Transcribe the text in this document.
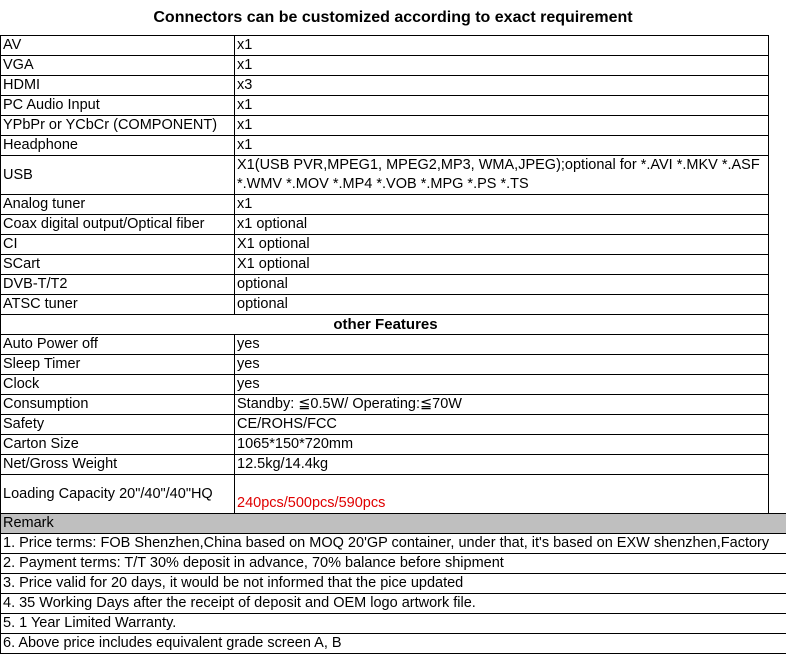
Connectors can be customized according to exact requirement
AV	x1	
VGA	x1	
HDMI	x3	
PC Audio Input	x1	
YPbPr or YCbCr (COMPONENT)	x1	
Headphone	x1	
USB	X1(USB PVR,MPEG1, MPEG2,MP3, WMA,JPEG);optional for *.AVI *.MKV *.ASF *.WMV *.MOV *.MP4 *.VOB *.MPG *.PS *.TS	
Analog tuner	x1	
Coax digital output/Optical fiber	x1 optional	
CI	X1 optional	
SCart	X1 optional	
DVB-T/T2	optional	
ATSC tuner	optional	
other Features		
Auto Power off	yes	
Sleep Timer	yes	
Clock	yes	
Consumption	Standby: ≦0.5W/ Operating:≦70W	
Safety	CE/ROHS/FCC	
Carton Size	1065*150*720mm	
Net/Gross Weight	12.5kg/14.4kg	
Loading Capacity 20"/40"/40"HQ	240pcs/500pcs/590pcs	
Remark		
1. Price terms: FOB Shenzhen,China based on MOQ 20'GP container, under that, it's based on EXW shenzhen,Factory		
2. Payment terms: T/T 30% deposit in advance, 70% balance before shipment		
3. Price valid for 20 days, it would be not informed that the pice updated		
4. 35 Working Days after the receipt of deposit and OEM logo artwork file.		
5. 1 Year Limited Warranty.		
6. Above price includes equivalent grade screen A, B		
